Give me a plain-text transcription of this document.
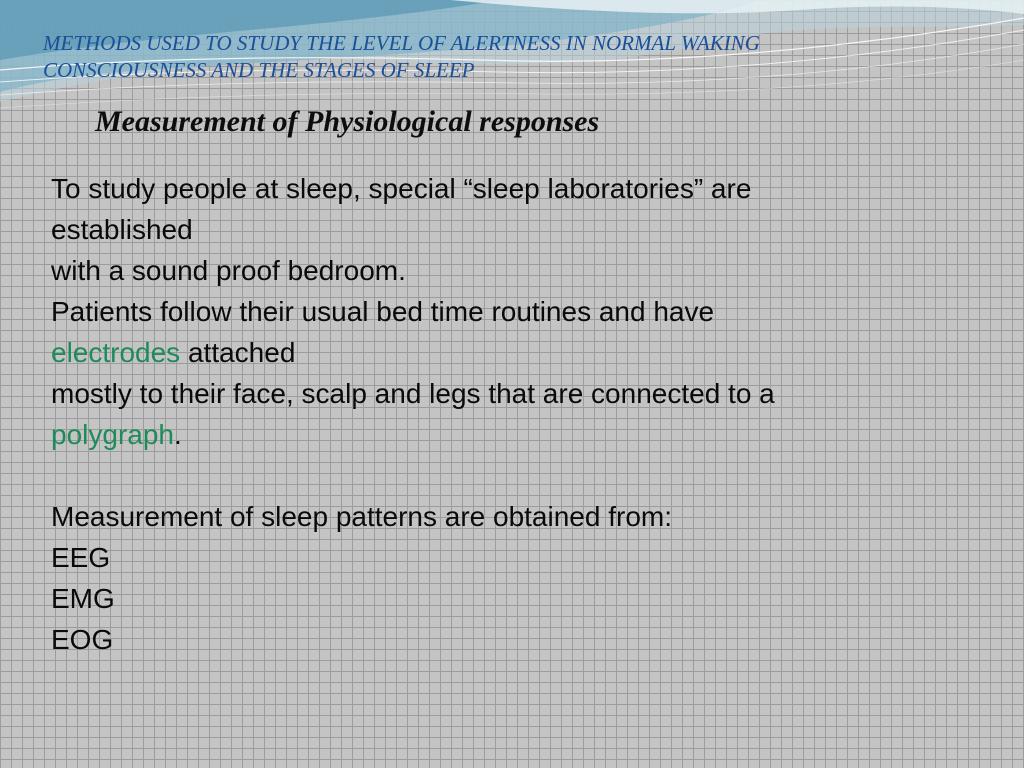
METHODS USED TO STUDY THE LEVEL OF ALERTNESS IN NORMAL WAKING
CONSCIOUSNESS AND THE STAGES OF SLEEP
Measurement of Physiological responses
To study people at sleep, special “sleep laboratories” are
established
with a sound proof bedroom.
Patients follow their usual bed time routines and have
electrodes attached
mostly to their face, scalp and legs that are connected to a
polygraph.
Measurement of sleep patterns are obtained from:
EEG
EMG
EOG
